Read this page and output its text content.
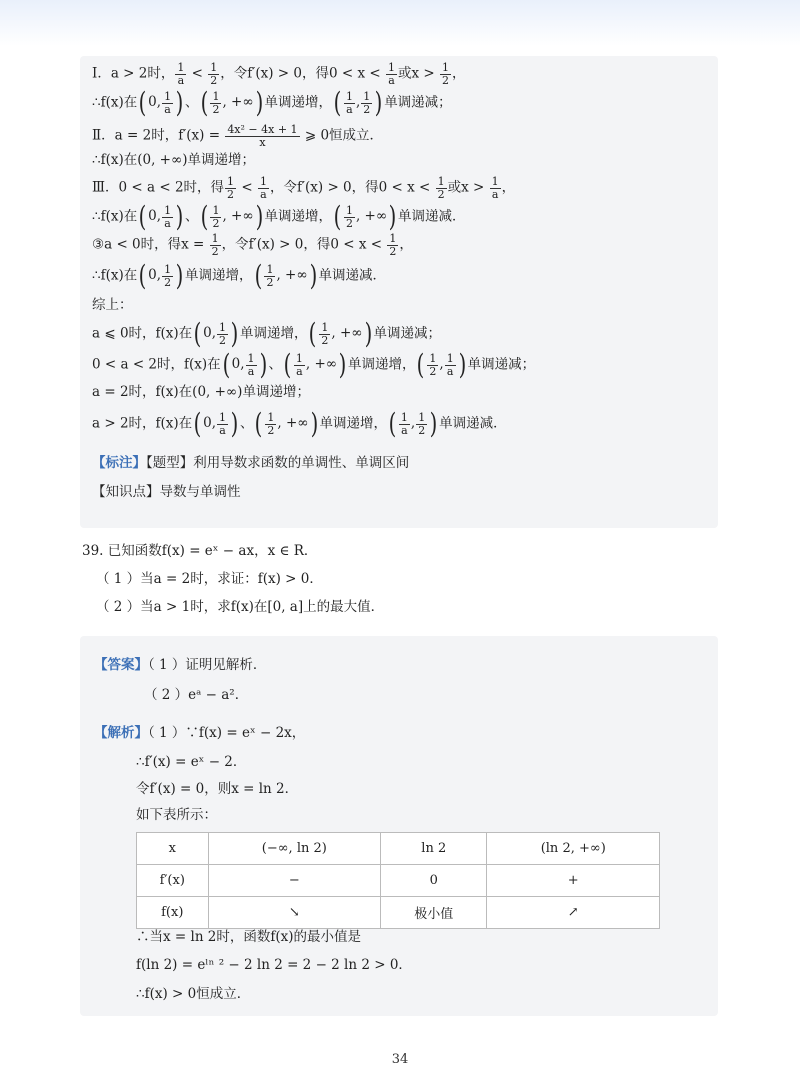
Ⅰ．a > 2时， $\frac{1}{a} < \frac{1}{2}$ ，令f′(x) > 0，得$0 < x < \frac{1}{a}$ 或$x > \frac{1}{2}$ ，
∴f(x)在 ( 0, $\frac{1}{a}$ ) 、 ( $\frac{1}{2}$ , +∞ ) 单调递增， ( $\frac{1}{a}$ , $\frac{1}{2}$ ) 单调递减；
Ⅱ．a = 2时，$f'(x) = \frac{\text{4x² − 4x + 1}}{x}$ ⩾ 0恒成立．
∴f(x)在(0, +∞)单调递增；
Ⅲ．0 < a < 2时，得 $\frac{1}{2} < \frac{1}{a}$ ，令f′(x) > 0，得$0 < x < \frac{1}{2}$ 或$x > \frac{1}{a}$ ，
∴f(x)在 ( 0, $\frac{1}{a}$ ) 、 ( $\frac{1}{2}$ , +∞ ) 单调递增， ( $\frac{1}{2}$ , +∞ ) 单调递减．
③a < 0时，得$x = \frac{1}{2}$ ，令f′(x) > 0，得$0 < x < \frac{1}{2}$ ，
∴f(x)在 ( 0, $\frac{1}{2}$ ) 单调递增， ( $\frac{1}{2}$ , +∞ ) 单调递减．
综上：
a ⩽ 0时，f(x)在 ( 0, $\frac{1}{2}$ ) 单调递增， ( $\frac{1}{2}$ , +∞ ) 单调递减；
0 < a < 2时，f(x)在 ( 0, $\frac{1}{a}$ ) 、 ( $\frac{1}{a}$ , +∞ ) 单调递增， ( $\frac{1}{2}$ , $\frac{1}{a}$ ) 单调递减；
a = 2时，f(x)在(0, +∞)单调递增；
a > 2时，f(x)在 ( 0, $\frac{1}{a}$ ) 、 ( $\frac{1}{2}$ , +∞ ) 单调递增， ( $\frac{1}{a}$ , $\frac{1}{2}$ ) 单调递减．
【标注】【题型】利用导数求函数的单调性、单调区间
【知识点】导数与单调性
39. 已知函数f(x) = eˣ − ax，x ∈ R．
（ 1 ）当a = 2时，求证：f(x) > 0．
（ 2 ）当a > 1时，求f(x)在[0, a]上的最大值．
【答案】（ 1 ）证明见解析．
（ 2 ）eᵃ − a²．
【解析】（ 1 ）∵f(x) = eˣ − 2x，
∴f′(x) = eˣ − 2．
令f′(x) = 0，则x = ln 2．
如下表所示：
x	(−∞, ln 2)	ln 2	(ln 2, +∞)
f′(x)	−	0	+
f(x)	↘	极小值	↗
∴当x = ln 2时，函数f(x)的最小值是
f(ln 2) = eˡⁿ ² − 2 ln 2 = 2 − 2 ln 2 > 0．
∴f(x) > 0恒成立．
34
